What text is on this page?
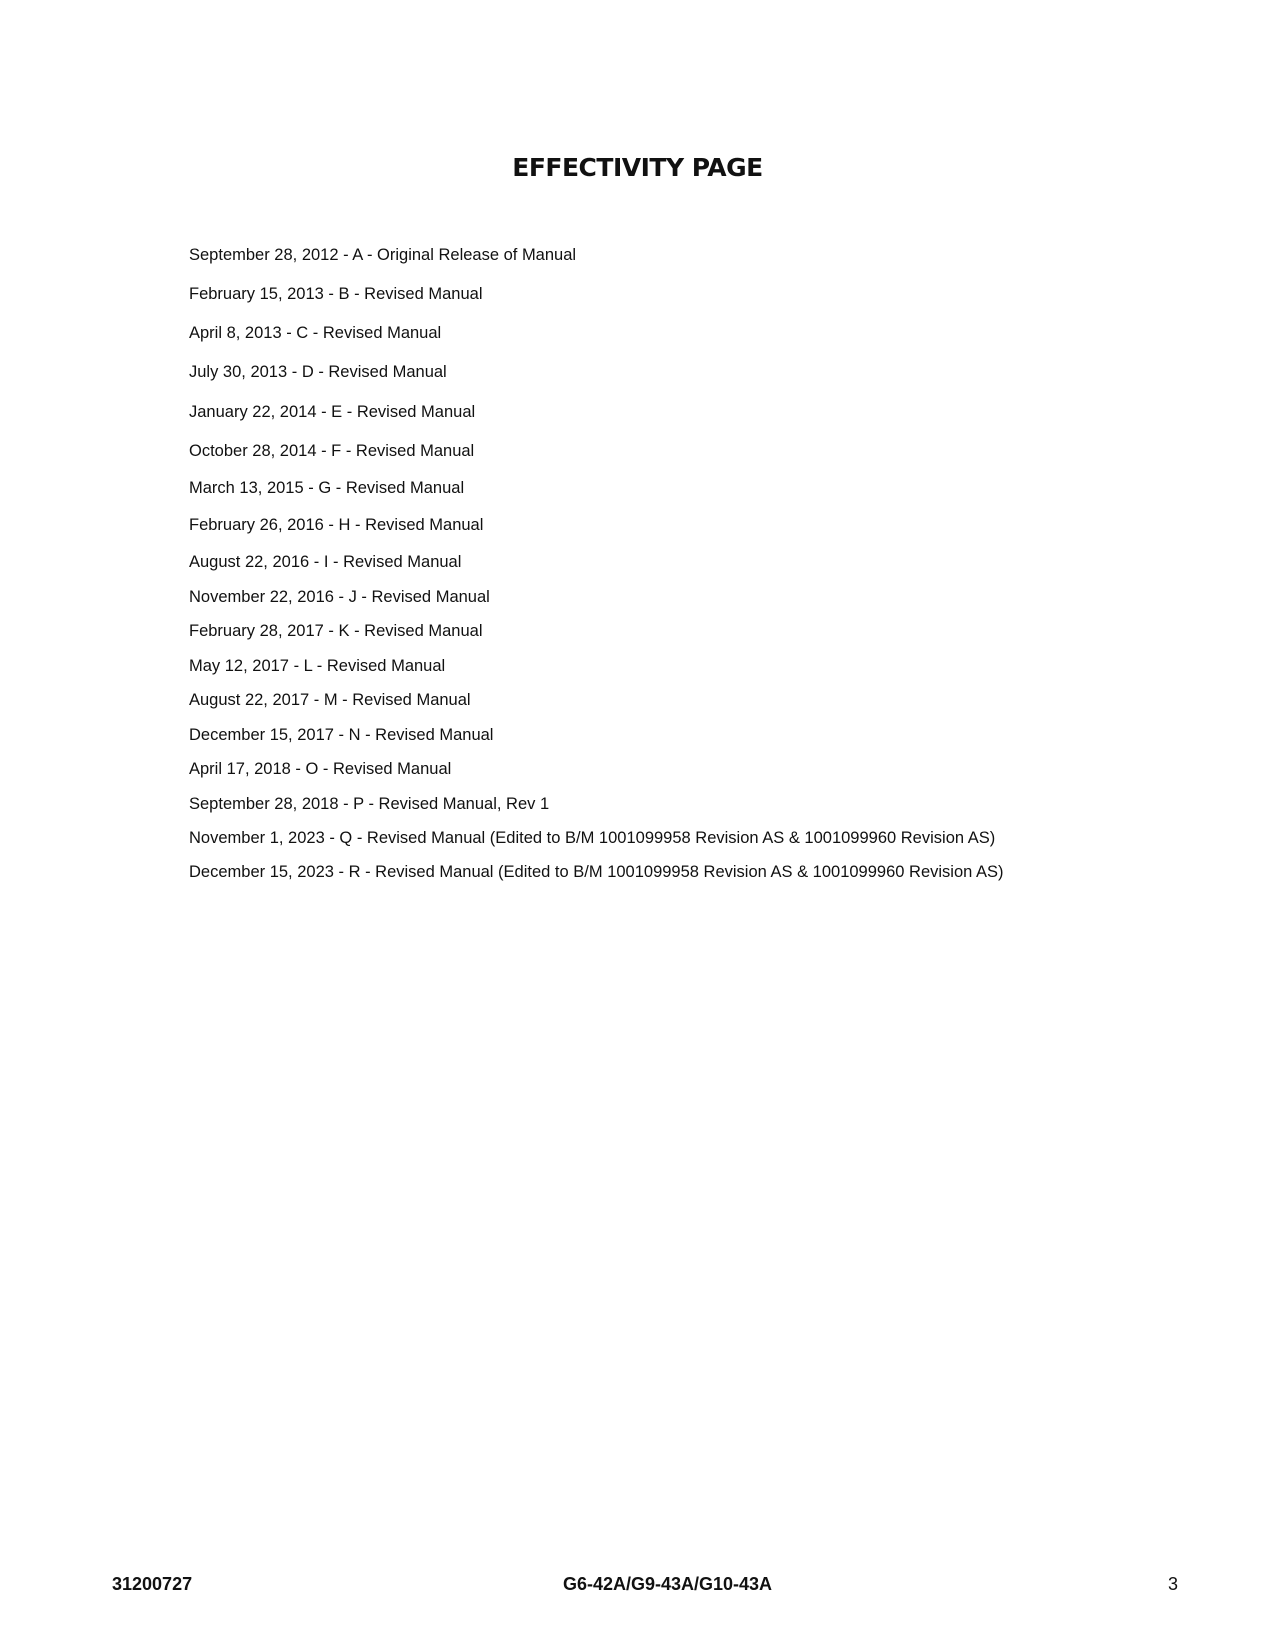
EFFECTIVITY PAGE

September 28, 2012 - A - Original Release of Manual

February 15, 2013 - B - Revised Manual

April 8, 2013 - C - Revised Manual

July 30, 2013 - D - Revised Manual

January 22, 2014 - E - Revised Manual

October 28, 2014 - F - Revised Manual

March 13, 2015 - G - Revised Manual

February 26, 2016 - H - Revised Manual

August 22, 2016 - I - Revised Manual

November 22, 2016 - J - Revised Manual

February 28, 2017 - K - Revised Manual

May 12, 2017 - L - Revised Manual

August 22, 2017 - M - Revised Manual

December 15, 2017 - N - Revised Manual

April 17, 2018 - O - Revised Manual

September 28, 2018 - P - Revised Manual, Rev 1

November 1, 2023 - Q - Revised Manual (Edited to B/M 1001099958 Revision AS & 1001099960 Revision AS)

December 15, 2023 - R - Revised Manual (Edited to B/M 1001099958 Revision AS & 1001099960 Revision AS)

31200727	G6-42A/G9-43A/G10-43A	3
